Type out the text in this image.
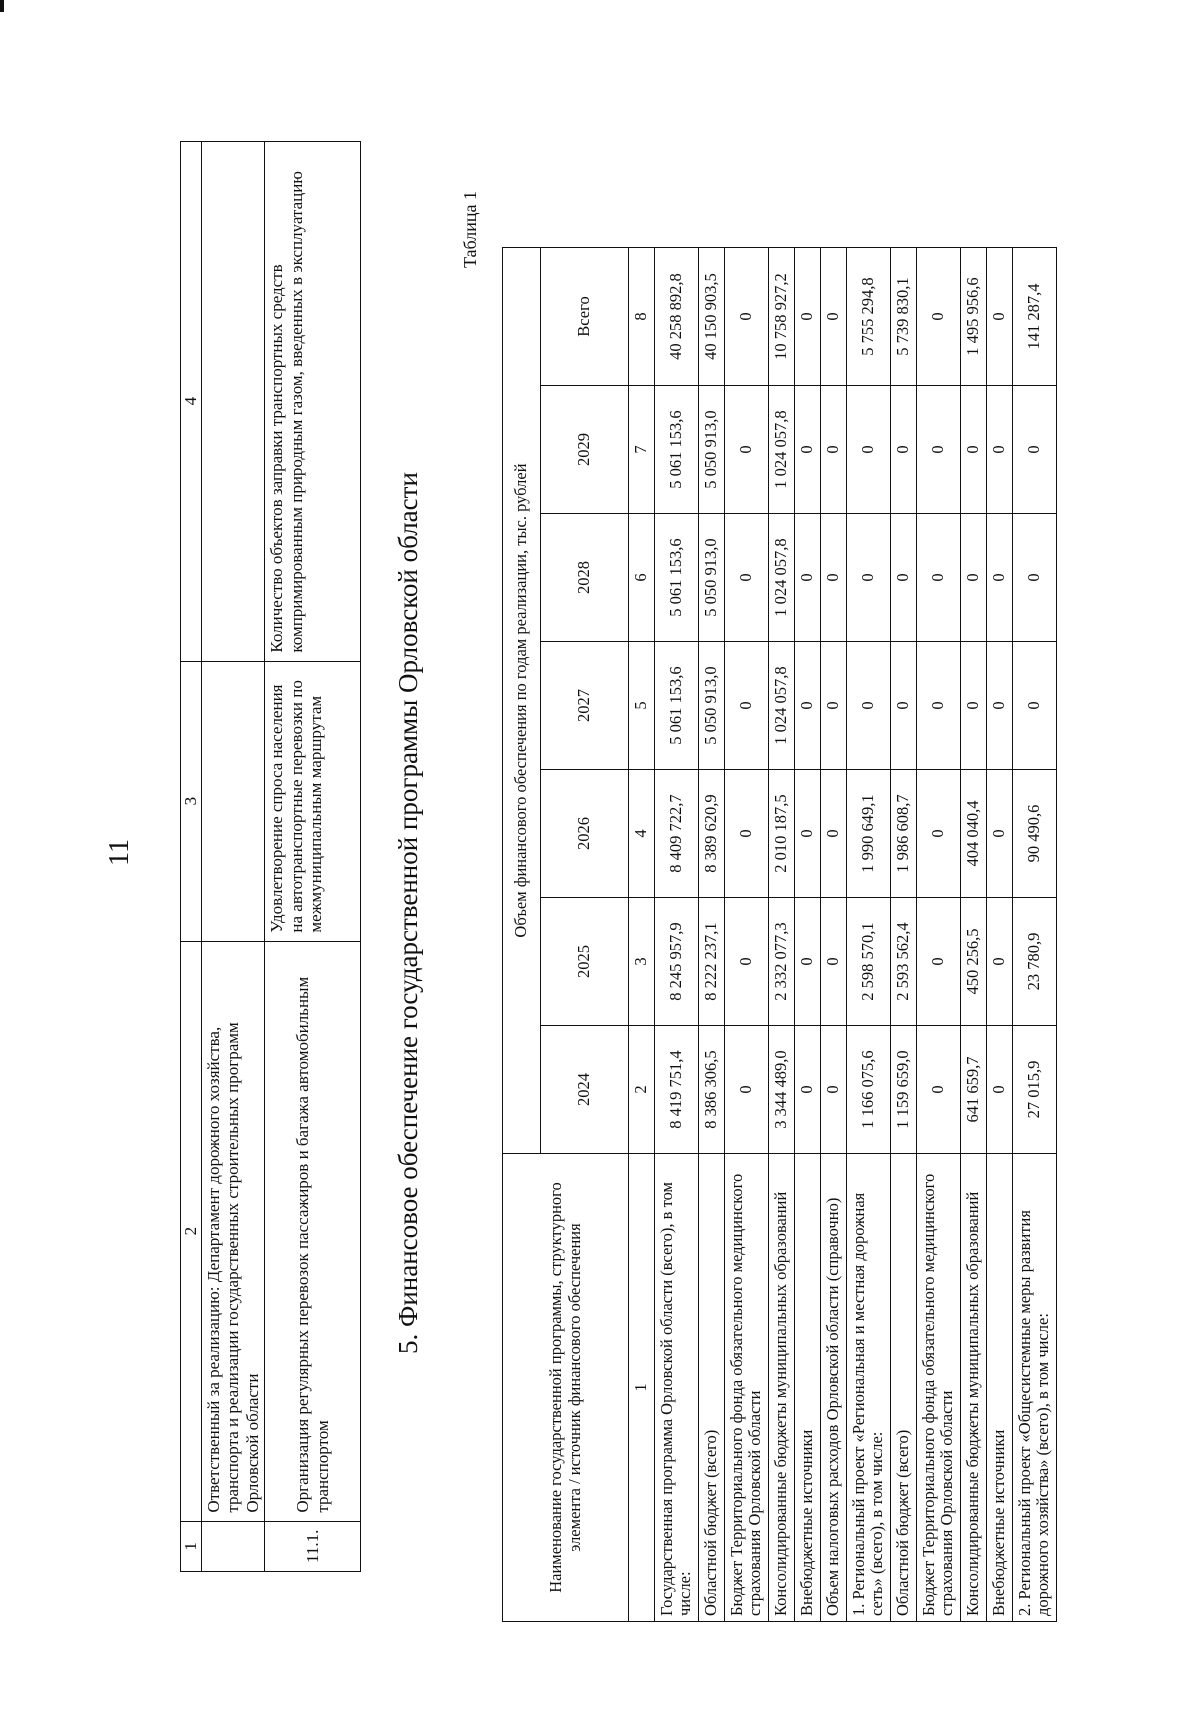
11
1	2	3	4
	Ответственный за реализацию: Департамент дорожного хозяйства, транспорта и реализации государственных строительных программ Орловской области		
11.1.	Организация регулярных перевозок пассажиров и багажа автомобильным транспортом	Удовлетворение спроса населения на автотранспортные перевозки по межмуниципальным маршрутам	Количество объектов заправки транспортных средств компримированным природным газом, введенных в эксплуатацию
5. Финансовое обеспечение государственной программы Орловской области
Таблица 1
Наименование государственной программы, структурного элемента / источник финансового обеспечения	Объем финансового обеспечения по годам реализации, тыс. рублей						
	2024	2025	2026	2027	2028	2029	Всего
1	2	3	4	5	6	7	8
Государственная программа Орловской области (всего), в том числе:	8 419 751,4	8 245 957,9	8 409 722,7	5 061 153,6	5 061 153,6	5 061 153,6	40 258 892,8
Областной бюджет (всего)	8 386 306,5	8 222 237,1	8 389 620,9	5 050 913,0	5 050 913,0	5 050 913,0	40 150 903,5
Бюджет Территориального фонда обязательного медицинского страхования Орловской области	0	0	0	0	0	0	0
Консолидированные бюджеты муниципальных образований	3 344 489,0	2 332 077,3	2 010 187,5	1 024 057,8	1 024 057,8	1 024 057,8	10 758 927,2
Внебюджетные источники	0	0	0	0	0	0	0
Объем налоговых расходов Орловской области (справочно)	0	0	0	0	0	0	0
1. Региональный проект «Региональная и местная дорожная сеть» (всего), в том числе:	1 166 075,6	2 598 570,1	1 990 649,1	0	0	0	5 755 294,8
Областной бюджет (всего)	1 159 659,0	2 593 562,4	1 986 608,7	0	0	0	5 739 830,1
Бюджет Территориального фонда обязательного медицинского страхования Орловской области	0	0	0	0	0	0	0
Консолидированные бюджеты муниципальных образований	641 659,7	450 256,5	404 040,4	0	0	0	1 495 956,6
Внебюджетные источники	0	0	0	0	0	0	0
2. Региональный проект «Общесистемные меры развития дорожного хозяйства» (всего), в том числе:	27 015,9	23 780,9	90 490,6	0	0	0	141 287,4
